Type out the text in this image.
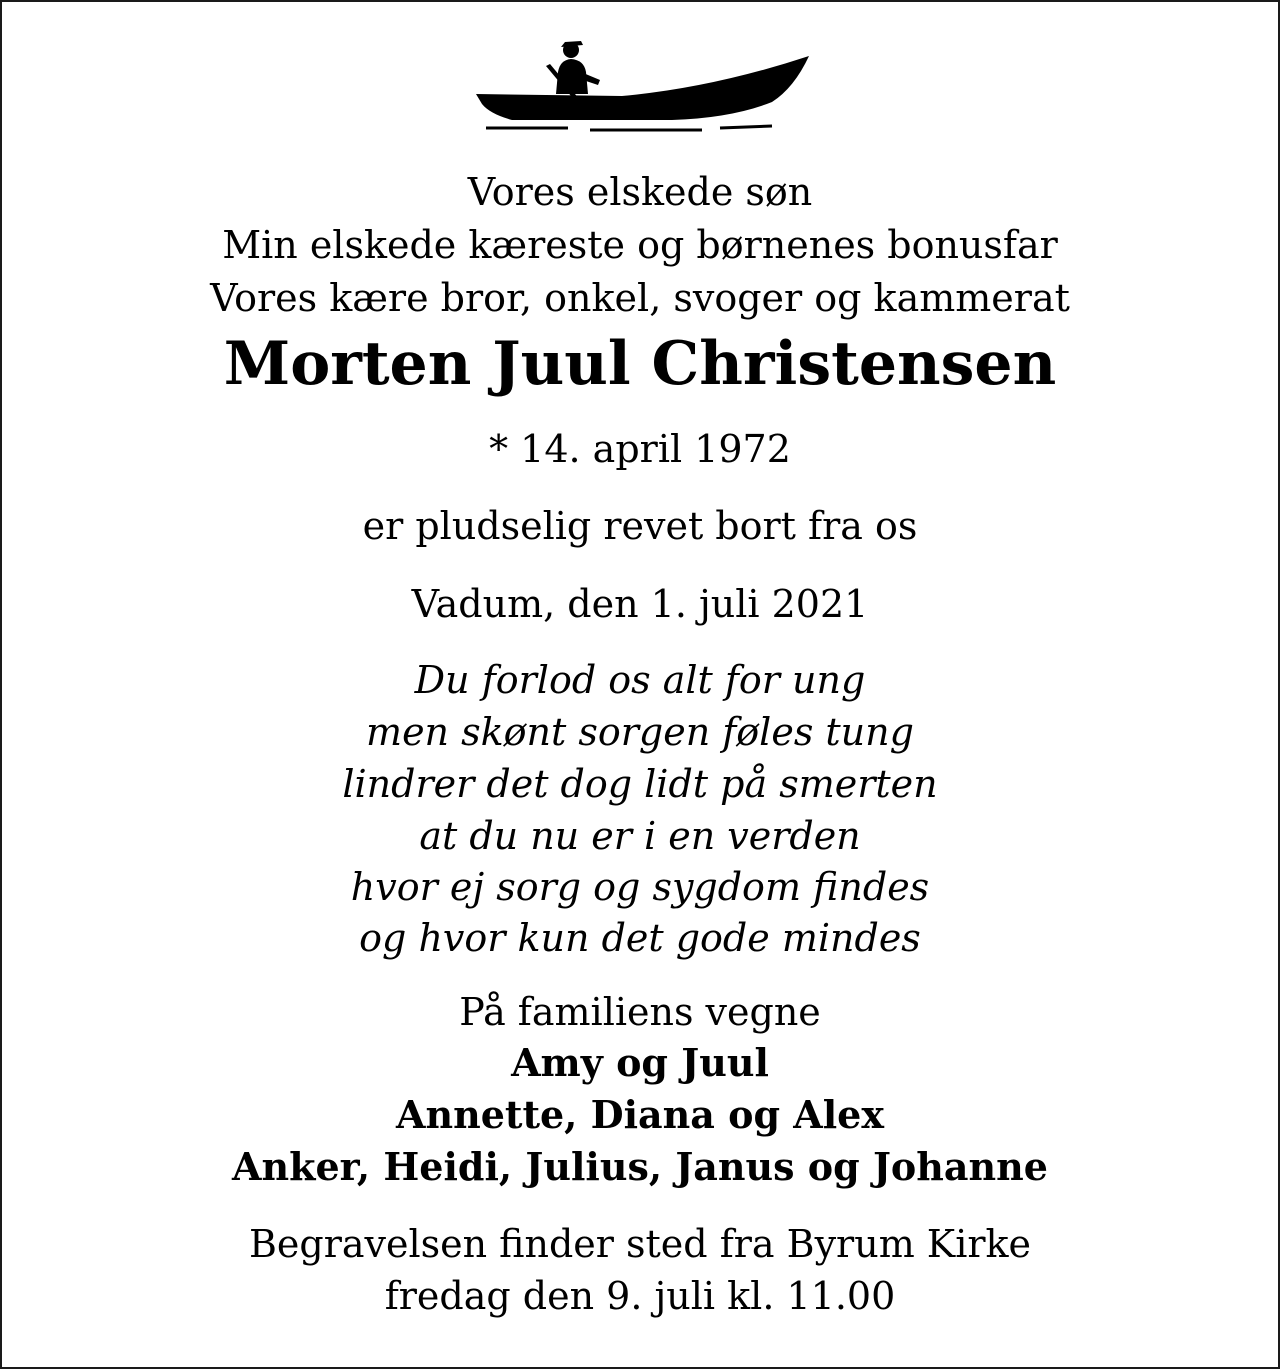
Vores elskede søn
Min elskede kæreste og børnenes bonusfar
Vores kære bror, onkel, svoger og kammerat
Morten Juul Christensen
* 14. april 1972
er pludselig revet bort fra os
Vadum, den 1. juli 2021
Du forlod os alt for ung
men skønt sorgen føles tung
lindrer det dog lidt på smerten
at du nu er i en verden
hvor ej sorg og sygdom findes
og hvor kun det gode mindes
På familiens vegne
Amy og Juul
Annette, Diana og Alex
Anker, Heidi, Julius, Janus og Johanne
Begravelsen finder sted fra Byrum Kirke
fredag den 9. juli kl. 11.00
